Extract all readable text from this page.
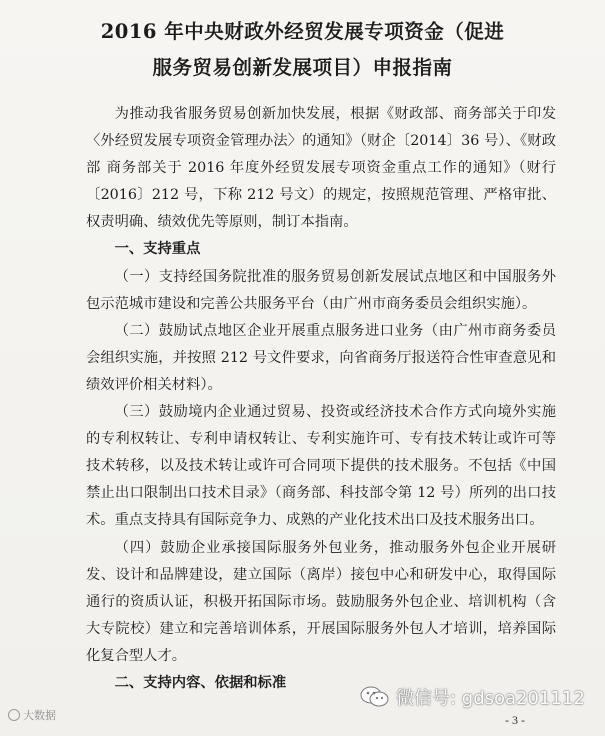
2016 年中央财政外经贸发展专项资金（促进
服务贸易创新发展项目）申报指南

为推动我省服务贸易创新加快发展，根据《财政部、商务部关于印发〈外经贸发展专项资金管理办法〉的通知》（财企〔2014〕36 号）、《财政部 商务部关于 2016 年度外经贸发展专项资金重点工作的通知》（财行〔2016〕212 号，下称 212 号文）的规定，按照规范管理、严格审批、权责明确、绩效优先等原则，制订本指南。

一、支持重点

（一）支持经国务院批准的服务贸易创新发展试点地区和中国服务外包示范城市建设和完善公共服务平台（由广州市商务委员会组织实施）。

（二）鼓励试点地区企业开展重点服务进口业务（由广州市商务委员会组织实施，并按照 212 号文件要求，向省商务厅报送符合性审查意见和绩效评价相关材料）。

（三）鼓励境内企业通过贸易、投资或经济技术合作方式向境外实施的专利权转让、专利申请权转让、专利实施许可、专有技术转让或许可等技术转移，以及技术转让或许可合同项下提供的技术服务。不包括《中国禁止出口限制出口技术目录》（商务部、科技部令第 12 号）所列的出口技术。重点支持具有国际竞争力、成熟的产业化技术出口及技术服务出口。

（四）鼓励企业承接国际服务外包业务，推动服务外包企业开展研发、设计和品牌建设，建立国际（离岸）接包中心和研发中心，取得国际通行的资质认证，积极开拓国际市场。鼓励服务外包企业、培训机构（含大专院校）建立和完善培训体系，开展国际服务外包人才培训，培养国际化复合型人才。

二、支持内容、依据和标准

大数据
微信号: gdsoa201112
- 3 -
